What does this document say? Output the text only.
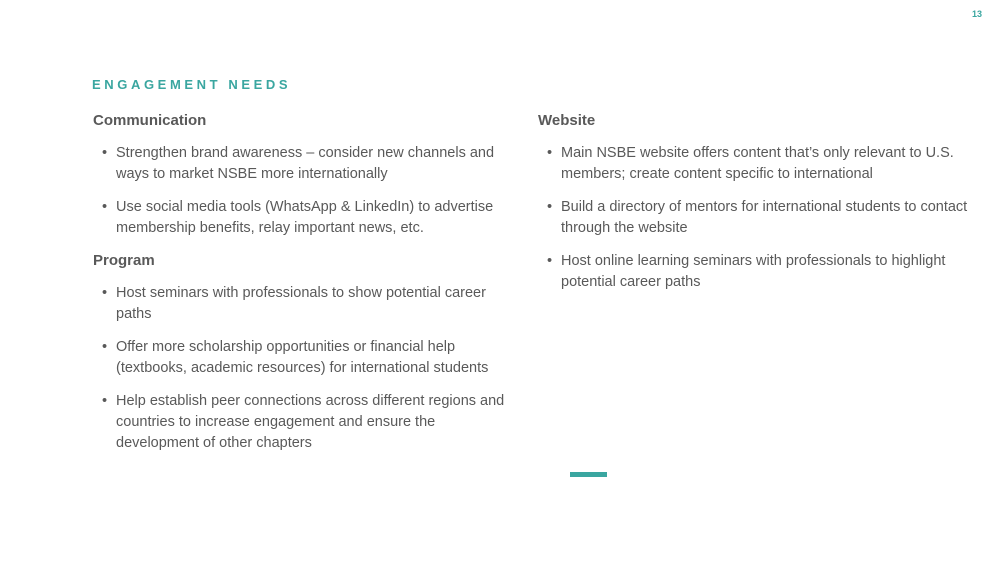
13
ENGAGEMENT NEEDS
Communication
• Strengthen brand awareness – consider new channels and ways to market NSBE more internationally
• Use social media tools (WhatsApp & LinkedIn) to advertise membership benefits, relay important news, etc.
Program
• Host seminars with professionals to show potential career paths
• Offer more scholarship opportunities or financial help (textbooks, academic resources) for international students
• Help establish peer connections across different regions and countries to increase engagement and ensure the development of other chapters
Website
• Main NSBE website offers content that’s only relevant to U.S. members; create content specific to international
• Build a directory of mentors for international students to contact through the website
• Host online learning seminars with professionals to highlight potential career paths
